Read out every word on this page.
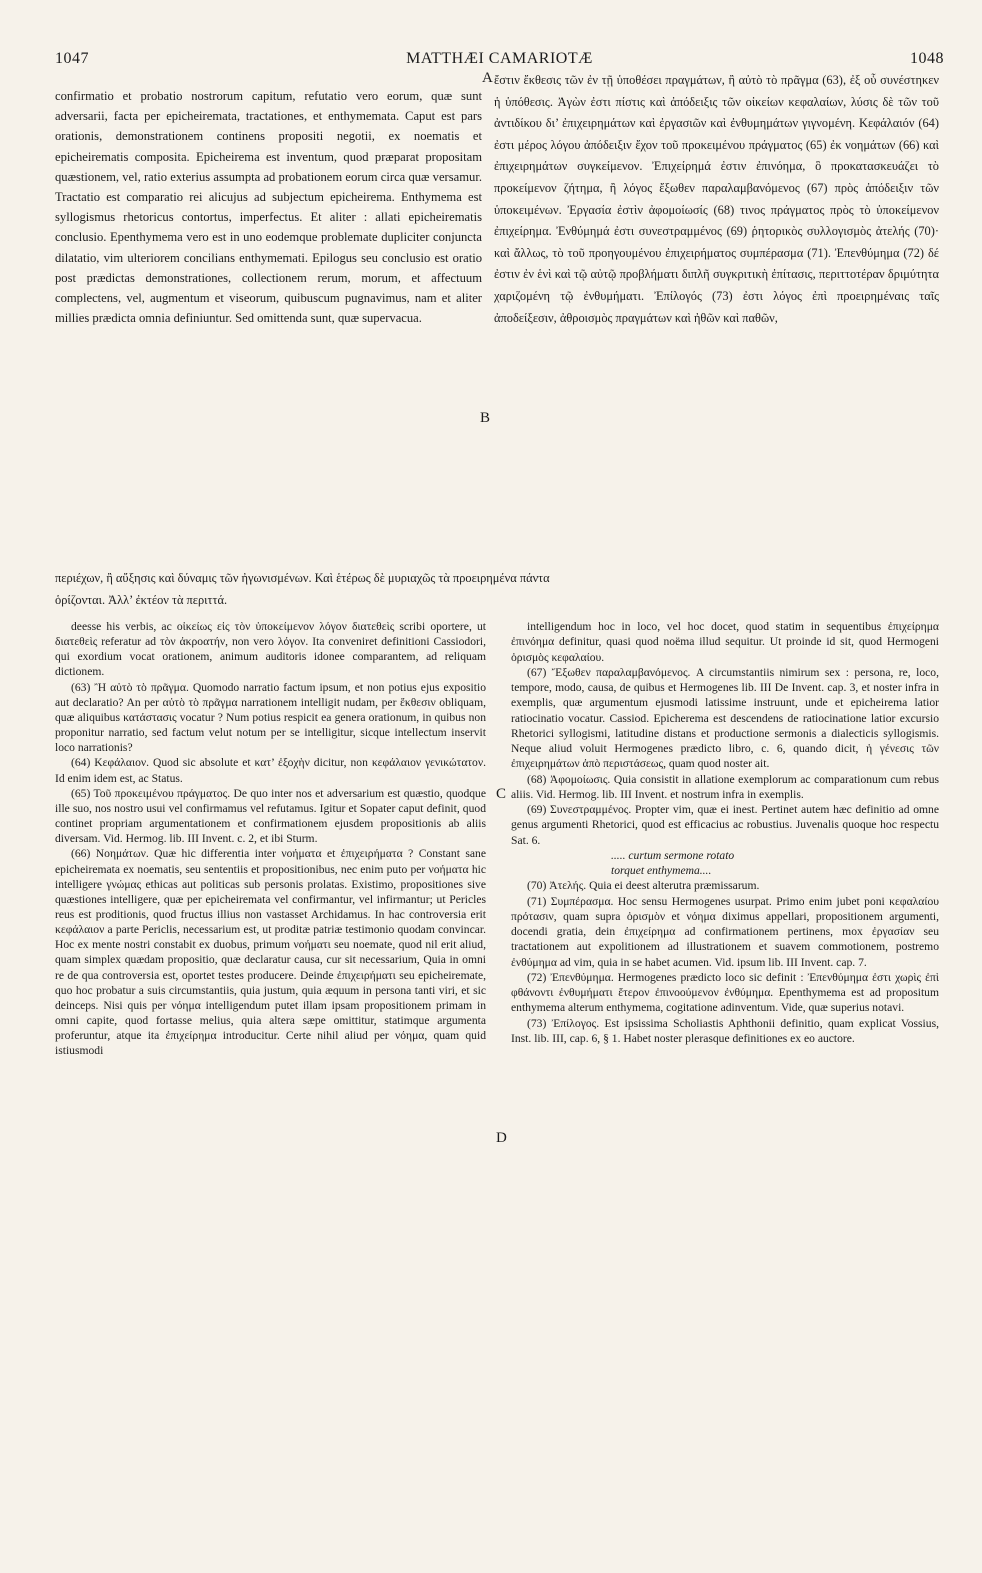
1047	MATTHÆI CAMARIOTÆ	1048
A
B
C
D

confirmatio et probatio nostrorum capitum, refutatio vero eorum, quæ sunt adversarii, facta per epicheiremata, tractationes, et enthymemata. Caput est pars orationis, demonstrationem continens propositi negotii, ex noematis et epicheirematis composita. Epicheirema est inventum, quod præparat propositam quæstionem, vel, ratio exterius assumpta ad probationem eorum circa quæ versamur. Tractatio est comparatio rei alicujus ad subjectum epicheirema. Enthymema est syllogismus rhetoricus contortus, imperfectus. Et aliter : allati epicheirematis conclusio. Epenthymema vero est in uno eodemque problemate dupliciter conjuncta dilatatio, vim ulteriorem concilians enthymemati. Epilogus seu conclusio est oratio post prædictas demonstrationes, collectionem rerum, morum, et affectuum complectens, vel, augmentum et viseorum, quibuscum pugnavimus, nam et aliter millies prædicta omnia definiuntur. Sed omittenda sunt, quæ supervacua.

ἔστιν ἔκθεσις τῶν ἐν τῇ ὑποθέσει πραγμάτων, ἢ αὐτὸ τὸ πρᾶγμα (63), ἐξ οὗ συνέστηκεν ἡ ὑπόθεσις. Ἀγὼν ἐστι πίστις καὶ ἀπόδειξις τῶν οἰκείων κεφαλαίων, λύσις δὲ τῶν τοῦ ἀντιδίκου δι’ ἐπιχειρημάτων καὶ ἐργασιῶν καὶ ἐνθυμημάτων γιγνομένη. Κεφάλαιόν (64) ἐστι μέρος λόγου ἀπόδειξιν ἔχον τοῦ προκειμένου πράγματος (65) ἐκ νοημάτων (66) καὶ ἐπιχειρημάτων συγκείμενον. Ἐπιχείρημά ἐστιν ἐπινόημα, ὃ προκατασκευάζει τὸ προκείμενον ζήτημα, ἢ λόγος ἔξωθεν παραλαμβανόμενος (67) πρὸς ἀπόδειξιν τῶν ὑποκειμένων. Ἐργασία ἐστὶν ἀφομοίωσίς (68) τινος πράγματος πρὸς τὸ ὑποκείμενον ἐπιχείρημα. Ἐνθύμημά ἐστι συνεστραμμένος (69) ῥητορικὸς συλλογισμὸς ἀτελής (70)· καὶ ἄλλως, τὸ τοῦ προηγουμένου ἐπιχειρήματος συμπέρασμα (71). Ἐπενθύμημα (72) δέ ἐστιν ἐν ἑνὶ καὶ τῷ αὐτῷ προβλήματι διπλῆ συγκριτικὴ ἐπίτασις, περιττοτέραν δριμύτητα χαριζομένη τῷ ἐνθυμήματι. Ἐπίλογός (73) ἐστι λόγος ἐπὶ προειρημέναις ταῖς ἀποδείξεσιν, ἀθροισμὸς πραγμάτων καὶ ἠθῶν καὶ παθῶν,

περιέχων, ἢ αὔξησις καὶ δύναμις τῶν ἠγωνισμένων. Καὶ ἑτέρως δὲ μυριαχῶς τὰ προειρημένα πάντα

ὁρίζονται. Ἀλλ’ ἐκτέον τὰ περιττά.

deesse his verbis, ac οἰκείως εἰς τὸν ὑποκείμενον λόγον διατεθεὶς scribi oportere, ut διατεθεὶς referatur ad τὸν ἀκροατήν, non vero λόγον. Ita conveniret definitioni Cassiodori, qui exordium vocat orationem, animum auditoris idonee comparantem, ad reliquam dictionem.

(63) Ἢ αὐτὸ τὸ πρᾶγμα. Quomodo narratio factum ipsum, et non potius ejus expositio aut declaratio? An per αὐτὸ τὸ πρᾶγμα narrationem intelligit nudam, per ἔκθεσιν obliquam, quæ aliquibus κατάστασις vocatur ? Num potius respicit ea genera orationum, in quibus non proponitur narratio, sed factum velut notum per se intelligitur, sicque intellectum inservit loco narrationis?

(64) Κεφάλαιον. Quod sic absolute et κατ’ ἐξοχὴν dicitur, non κεφάλαιον γενικώτατον. Id enim idem est, ac Status.

(65) Τοῦ προκειμένου πράγματος. De quo inter nos et adversarium est quæstio, quodque ille suo, nos nostro usui vel confirmamus vel refutamus. Igitur et Sopater caput definit, quod continet propriam argumentationem et confirmationem ejusdem propositionis ab aliis diversam. Vid. Hermog. lib. III Invent. c. 2, et ibi Sturm.

(66) Νοημάτων. Quæ hic differentia inter νοήματα et ἐπιχειρήματα ? Constant sane epicheiremata ex noematis, seu sententiis et propositionibus, nec enim puto per νοήματα hic intelligere γνώμας ethicas aut politicas sub personis prolatas. Existimo, propositiones sive quæstiones intelligere, quæ per epicheiremata vel confirmantur, vel infirmantur; ut Pericles reus est proditionis, quod fructus illius non vastasset Archidamus. In hac controversia erit κεφάλαιον a parte Periclis, necessarium est, ut proditæ patriæ testimonio quodam convincar. Hoc ex mente nostri constabit ex duobus, primum νοήματι seu noemate, quod nil erit aliud, quam simplex quædam propositio, quæ declaratur causa, cur sit necessarium, Quia in omni re de qua controversia est, oportet testes producere. Deinde ἐπιχειρήματι seu epicheiremate, quo hoc probatur a suis circumstantiis, quia justum, quia æquum in persona tanti viri, et sic deinceps. Nisi quis per νόημα intelligendum putet illam ipsam propositionem primam in omni capite, quod fortasse melius, quia altera sæpe omittitur, statimque argumenta proferuntur, atque ita ἐπιχείρημα introducitur. Certe nihil aliud per νόημα, quam quid istiusmodi

intelligendum hoc in loco, vel hoc docet, quod statim in sequentibus ἐπιχείρημα ἐπινόημα definitur, quasi quod noëma illud sequitur. Ut proinde id sit, quod Hermogeni ὁρισμὸς κεφαλαίου.

(67) Ἔξωθεν παραλαμβανόμενος. A circumstantiis nimirum sex : persona, re, loco, tempore, modo, causa, de quibus et Hermogenes lib. III De Invent. cap. 3, et noster infra in exemplis, quæ argumentum ejusmodi latissime instruunt, unde et epicheirema latior ratiocinatio vocatur. Cassiod. Epicherema est descendens de ratiocinatione latior excursio Rhetorici syllogismi, latitudine distans et productione sermonis a dialecticis syllogismis. Neque aliud voluit Hermogenes prædicto libro, c. 6, quando dicit, ἡ γένεσις τῶν ἐπιχειρημάτων ἀπὸ περιστάσεως, quam quod noster ait.

(68) Ἀφομοίωσις. Quia consistit in allatione exemplorum ac comparationum cum rebus aliis. Vid. Hermog. lib. III Invent. et nostrum infra in exemplis.

(69) Συνεστραμμένος. Propter vim, quæ ei inest. Pertinet autem hæc definitio ad omne genus argumenti Rhetorici, quod est efficacius ac robustius. Juvenalis quoque hoc respectu Sat. 6.

..... curtum sermone rotato

torquet enthymema....

(70) Ἀτελής. Quia ei deest alterutra præmissarum.

(71) Συμπέρασμα. Hoc sensu Hermogenes usurpat. Primo enim jubet poni κεφαλαίου πρότασιν, quam supra ὁρισμὸν et νόημα diximus appellari, propositionem argumenti, docendi gratia, dein ἐπιχείρημα ad confirmationem pertinens, mox ἐργασίαν seu tractationem aut expolitionem ad illustrationem et suavem commotionem, postremo ἐνθύμημα ad vim, quia in se habet acumen. Vid. ipsum lib. III Invent. cap. 7.

(72) Ἐπενθύμημα. Hermogenes prædicto loco sic definit : Ἐπενθύμημα ἐστι χωρὶς ἐπὶ φθάνοντι ἐνθυμήματι ἕτερον ἐπινοούμενον ἐνθύμημα. Epenthymema est ad propositum enthymema alterum enthymema, cogitatione adinventum. Vide, quæ superius notavi.

(73) Ἐπίλογος. Est ipsissima Scholiastis Aphthonii definitio, quam explicat Vossius, Inst. lib. III, cap. 6, § 1. Habet noster plerasque definitiones ex eo auctore.
